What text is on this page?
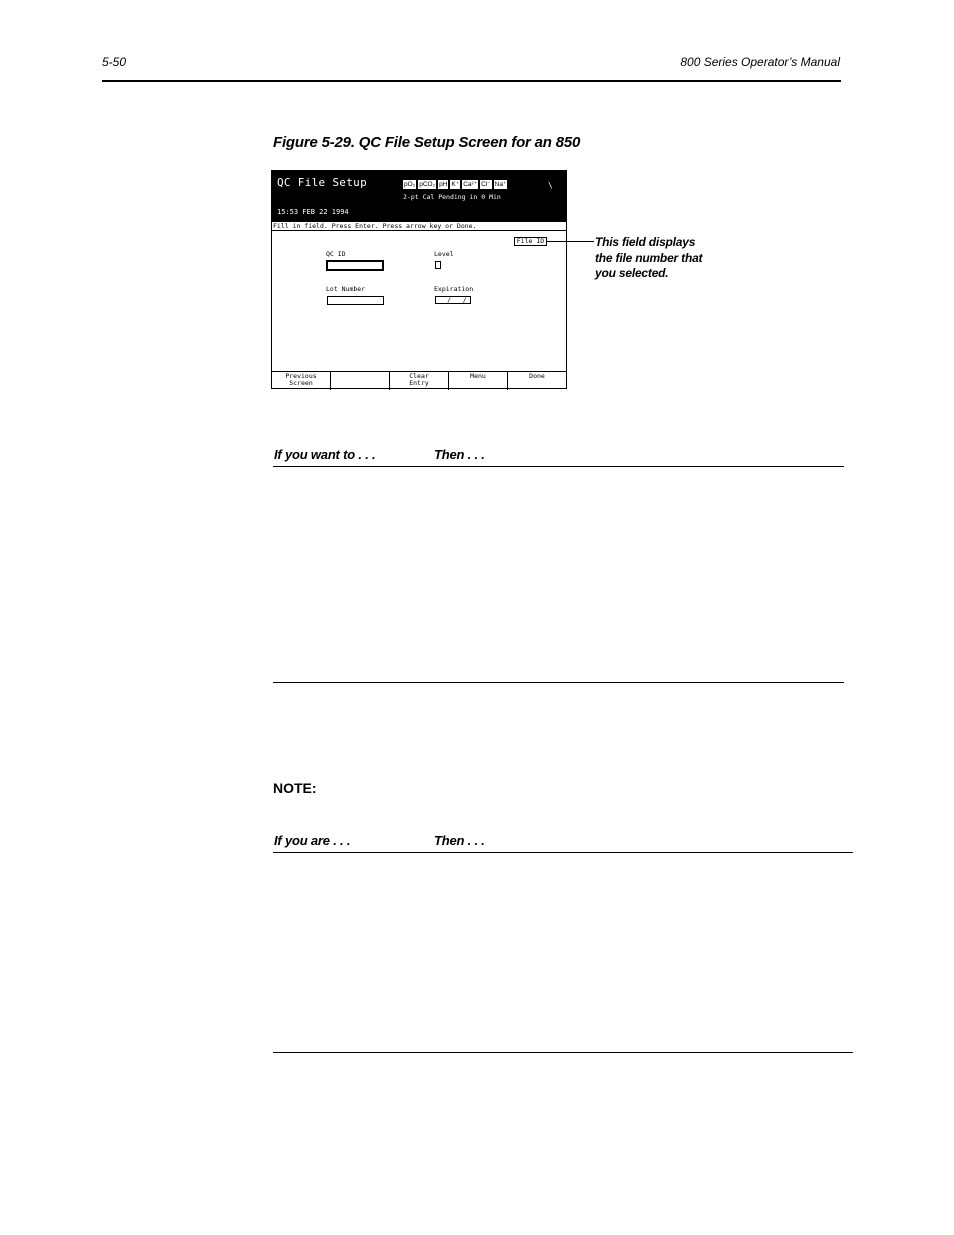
5-50	800 Series Operator’s Manual
Figure 5-29. QC File Setup Screen for an 850
QC File Setup	pO₂ pCO₂ pH K⁺ Ca²⁺ Cl⁻ Na⁺
2-pt Cal Pending in 0 Min
\
15:53 FEB 22 1994
Fill in field. Press Enter. Press arrow key or Done.
File ID
QC ID	Level
Lot Number	Expiration
_ / _ /
Previous
Screen
Clear
Entry
Menu	Done
This field displays
the file number that
you selected.
If you want to . . .	Then . . .
NOTE:
If you are . . .	Then . . .
